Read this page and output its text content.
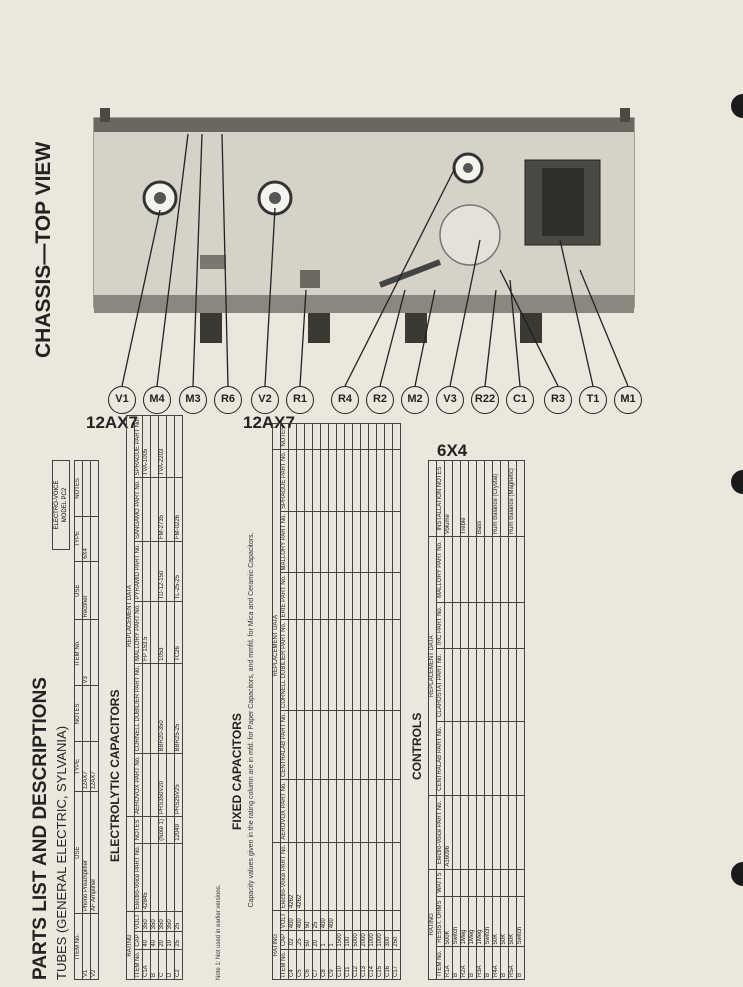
CHASSIS—TOP VIEW
V1	M4	M3	R6	V2	R1	R4	R2	M2	V3	R22	C1	R3	T1	M1
12AX7	12AX7
6X4
PARTS LIST AND DESCRIPTIONS TUBES (GENERAL ELECTRIC, SYLVANIA)
ELECTRO-VOICE
MODEL PC2
ITEM No.	USE	TYPE	NOTES	ITEM No.	USE	TYPE	NOTES
V1	Phono Preamplifier	12AX7		V3	Rectifier	6X4	
V2	AF Amplifier	12AX7					ELECTROLYTIC CAPACITORS
RATING					REPLACEMENT DATA					
ITEM No.	CAP	VOLT	Electro-Voice PART No.	NOTES	AEROVOX PART No.	CORNELL DUBILIER PART No.	MALLORY PART No.	PYRAMID PART No.	SANGAMO PART No.	SPRAGUE PART No.
C1A	40	350	42845				FP 153.5			TVA-1005
B	40	350								
C	20	350		(Note 1)	PRS350V20	BBR20-350	1053	TD-12-150	FM-2735	TVA-2203
D	10	350								
C2	25	25		12049	PRS25V25	BBR25-25	TC26	TL-25-25	FM-0226	
Note 1: Not used in earlier versions.
FIXED CAPACITORS Capacity values given in the rating column are in mfd. for Paper Capacitors, and mmfd. for Mica and Ceramic Capacitors.
RATING				REPLACEMENT DATA						
ITEM No.	CAP	VOLT	Electro-Voice PART No.	AEROVOX PART No.	CENTRALAB PART No.	CORNELL DUBILIER PART No.	ERIE PART No.	MALLORY PART No.	SPRAGUE PART No.	NOTES
C4	.02	400	4262							
C5	.25	400	4262							
C6	50	50								
C7	20	25								
C8	1	400								
C9	1	400								
C10	1500									
C11	100									
C12	5000									
C13	2000									
C14	1000									
C15	1000									
C16	300									
C17	250									
CONTROLS
RATING				REPLACEMENT DATA				
ITEM No.	RESIST. OHMS	WATTS	Electro-Voice PART No.	CENTRALAB PART No.	CLAROSTAT PART No.	IRC PART No.	MALLORY PART No.	INSTALLATION NOTES
R1A	500K		A16096					Volume
B	Switch							
R2A	1Meg							Treble
B	1Meg							
R3A	1Meg							Bass
B	Switch							
R4A	50K							Rum Balance (Crystal)
B	50K							
R5A	50K							Rum Balance (Magnetic)
B	Switch							
